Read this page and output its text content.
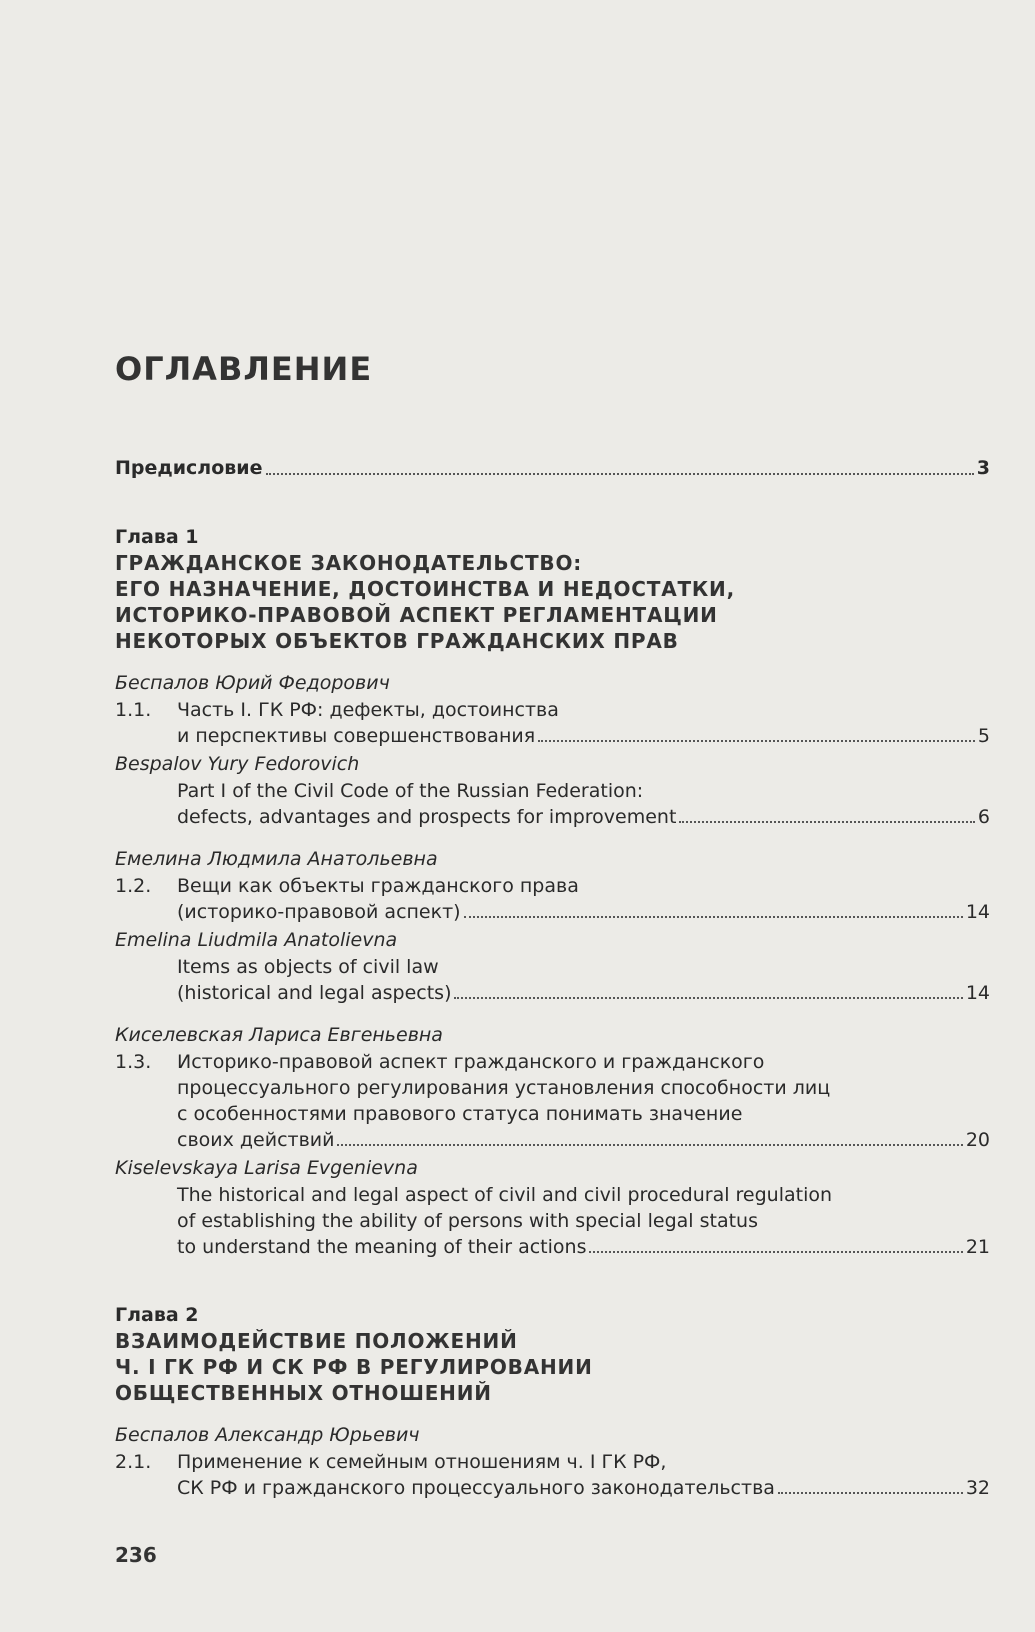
ОГЛАВЛЕНИЕ
Предисловие	3
Глава 1
ГРАЖДАНСКОЕ ЗАКОНОДАТЕЛЬСТВО:
ЕГО НАЗНАЧЕНИЕ, ДОСТОИНСТВА И НЕДОСТАТКИ,
ИСТОРИКО-ПРАВОВОЙ АСПЕКТ РЕГЛАМЕНТАЦИИ
НЕКОТОРЫХ ОБЪЕКТОВ ГРАЖДАНСКИХ ПРАВ
Беспалов Юрий Федорович
1.1.	Часть I. ГК РФ: дефекты, достоинства
и перспективы совершенствования	5
Bespalov Yury Fedorovich
Part I of the Civil Code of the Russian Federation:
defects, advantages and prospects for improvement	6
Емелина Людмила Анатольевна
1.2.	Вещи как объекты гражданского права
(историко-правовой аспект)	14
Emelina Liudmila Anatolievna
Items as objects of civil law
(historical and legal aspects)	14
Киселевская Лариса Евгеньевна
1.3.	Историко-правовой аспект гражданского и гражданского
процессуального регулирования установления способности лиц
с особенностями правового статуса понимать значение
своих действий	20
Kiselevskaya Larisa Evgenievna
The historical and legal aspect of civil and civil procedural regulation
of establishing the ability of persons with special legal status
to understand the meaning of their actions	21
Глава 2
ВЗАИМОДЕЙСТВИЕ ПОЛОЖЕНИЙ
Ч. I ГК РФ И СК РФ В РЕГУЛИРОВАНИИ
ОБЩЕСТВЕННЫХ ОТНОШЕНИЙ
Беспалов Александр Юрьевич
2.1.	Применение к семейным отношениям ч. I ГК РФ,
СК РФ и гражданского процессуального законодательства	32
236
